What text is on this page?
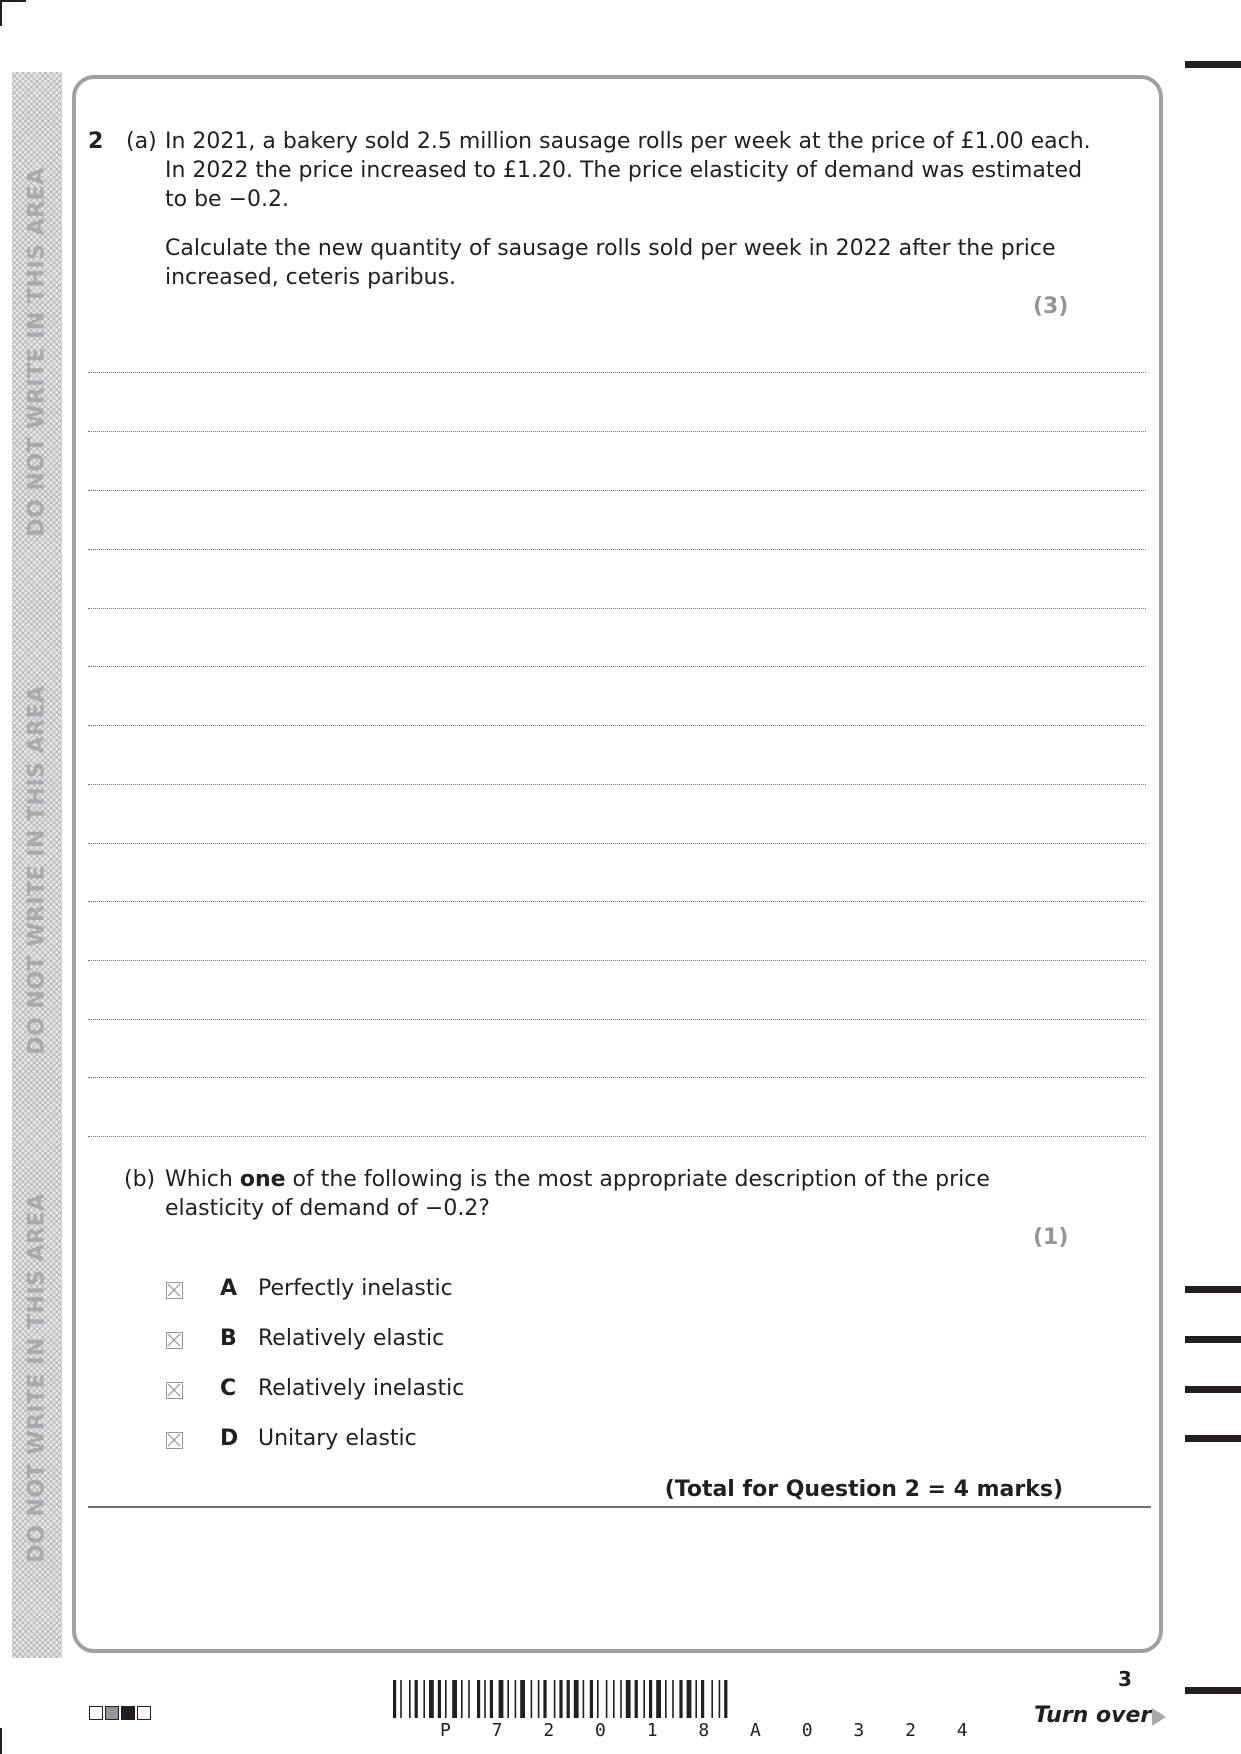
DO NOT WRITE IN THIS AREA
DO NOT WRITE IN THIS AREA
DO NOT WRITE IN THIS AREA
2 (a) In 2021, a bakery sold 2.5 million sausage rolls per week at the price of £1.00 each.
In 2022 the price increased to £1.20. The price elasticity of demand was estimated
to be −0.2.
Calculate the new quantity of sausage rolls sold per week in 2022 after the price
increased, ceteris paribus.
(3)
(b) Which one of the following is the most appropriate description of the price
elasticity of demand of −0.2?
(1)
A Perfectly inelastic
B Relatively elastic
C Relatively inelastic
D Unitary elastic
(Total for Question 2 = 4 marks)
P 7 2 0 1 8 A 0 3 2 4
3
Turn over
